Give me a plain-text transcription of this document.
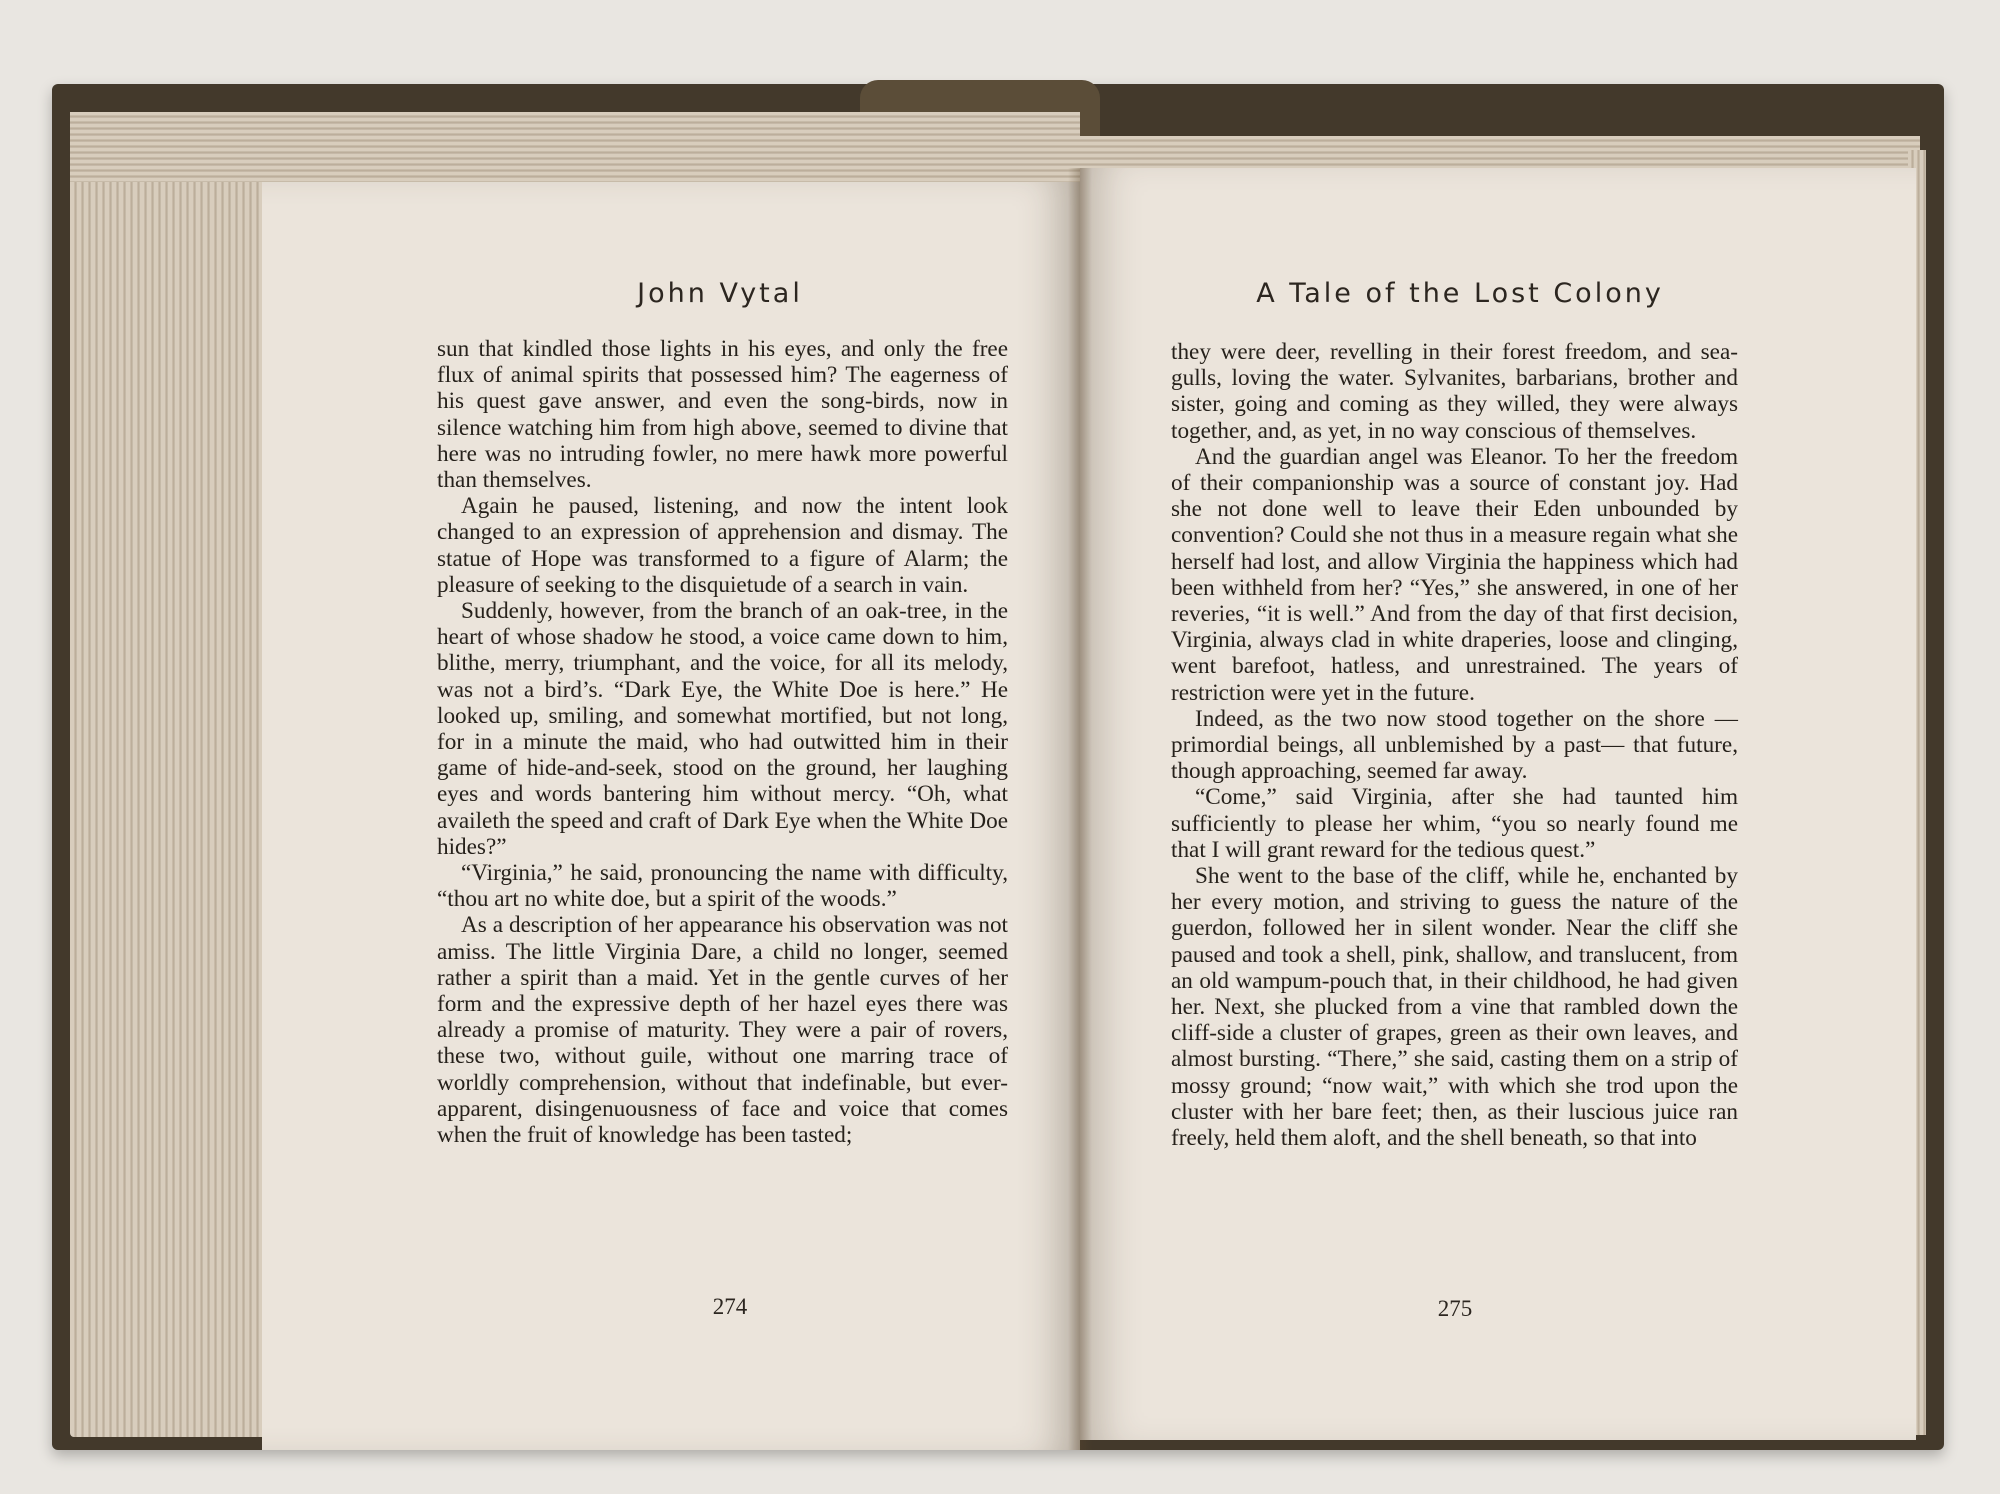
John Vytal

sun that kindled those lights in his eyes, and only the free flux of animal spirits that possessed him? The eagerness of his quest gave answer, and even the song-birds, now in silence watching him from high above, seemed to divine that here was no intruding fowler, no mere hawk more powerful than themselves.

Again he paused, listening, and now the intent look changed to an expression of apprehension and dismay. The statue of Hope was transformed to a figure of Alarm; the pleasure of seeking to the disquietude of a search in vain.

Suddenly, however, from the branch of an oak-tree, in the heart of whose shadow he stood, a voice came down to him, blithe, merry, triumphant, and the voice, for all its melody, was not a bird’s. “Dark Eye, the White Doe is here.” He looked up, smiling, and somewhat mortified, but not long, for in a minute the maid, who had outwitted him in their game of hide-and-seek, stood on the ground, her laughing eyes and words bantering him without mercy. “Oh, what availeth the speed and craft of Dark Eye when the White Doe hides?”

“Virginia,” he said, pronouncing the name with difficulty, “thou art no white doe, but a spirit of the woods.”

As a description of her appearance his observation was not amiss. The little Virginia Dare, a child no longer, seemed rather a spirit than a maid. Yet in the gentle curves of her form and the expressive depth of her hazel eyes there was already a promise of maturity. They were a pair of rovers, these two, without guile, without one marring trace of worldly comprehension, without that indefinable, but ever-apparent, disingenuousness of face and voice that comes when the fruit of knowledge has been tasted;

274
A Tale of the Lost Colony

they were deer, revelling in their forest freedom, and sea-gulls, loving the water. Sylvanites, barbarians, brother and sister, going and coming as they willed, they were always together, and, as yet, in no way conscious of themselves.

And the guardian angel was Eleanor. To her the freedom of their companionship was a source of constant joy. Had she not done well to leave their Eden unbounded by convention? Could she not thus in a measure regain what she herself had lost, and allow Virginia the happiness which had been withheld from her? “Yes,” she answered, in one of her reveries, “it is well.” And from the day of that first decision, Virginia, always clad in white draperies, loose and clinging, went barefoot, hatless, and unrestrained. The years of restriction were yet in the future.

Indeed, as the two now stood together on the shore —primordial beings, all unblemished by a past— that future, though approaching, seemed far away.

“Come,” said Virginia, after she had taunted him sufficiently to please her whim, “you so nearly found me that I will grant reward for the tedious quest.”

She went to the base of the cliff, while he, enchanted by her every motion, and striving to guess the nature of the guerdon, followed her in silent wonder. Near the cliff she paused and took a shell, pink, shallow, and translucent, from an old wampum-pouch that, in their childhood, he had given her. Next, she plucked from a vine that rambled down the cliff-side a cluster of grapes, green as their own leaves, and almost bursting. “There,” she said, casting them on a strip of mossy ground; “now wait,” with which she trod upon the cluster with her bare feet; then, as their luscious juice ran freely, held them aloft, and the shell beneath, so that into

275
